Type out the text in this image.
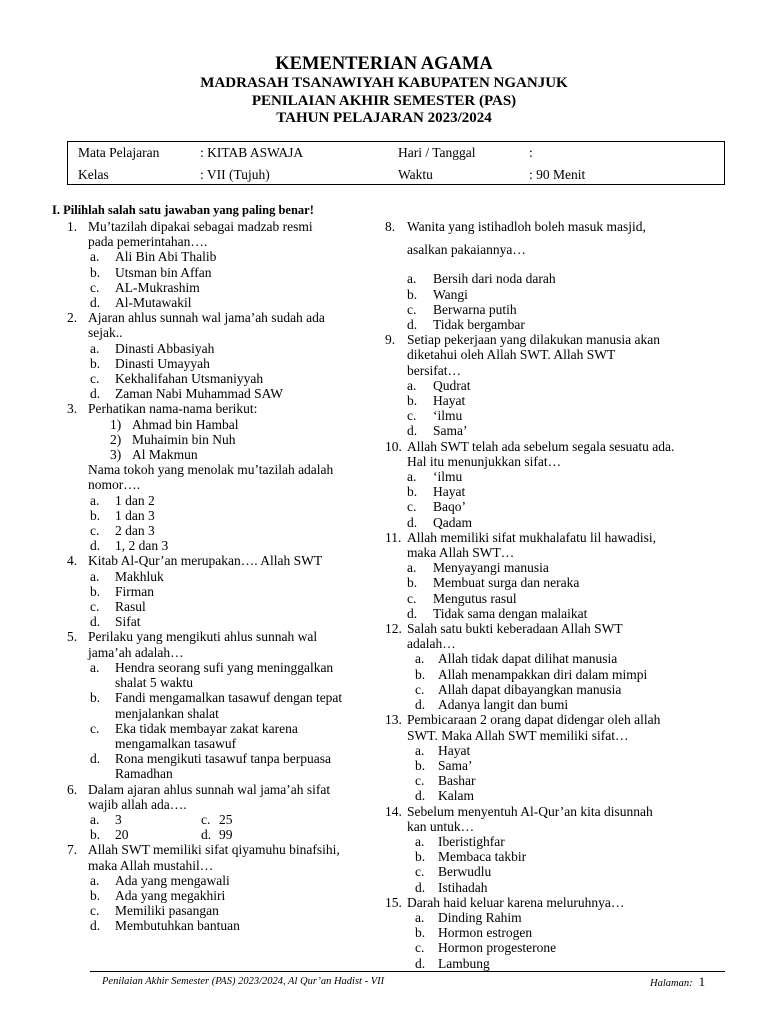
KEMENTERIAN AGAMA
MADRASAH TSANAWIYAH KABUPATEN NGANJUK
PENILAIAN AKHIR SEMESTER (PAS)
TAHUN PELAJARAN 2023/2024
Mata Pelajaran	: KITAB ASWAJA	Hari / Tanggal	:
Kelas	: VII (Tujuh)	Waktu	: 90 Menit
I. Pilihlah salah satu jawaban yang paling benar!
1. Mu’tazilah dipakai sebagai madzab resmi
pada pemerintahan….
a. Ali Bin Abi Thalib
b. Utsman bin Affan
c. AL-Mukrashim
d. Al-Mutawakil
2. Ajaran ahlus sunnah wal jama’ah sudah ada
sejak..
a. Dinasti Abbasiyah
b. Dinasti Umayyah
c. Kekhalifahan Utsmaniyyah
d. Zaman Nabi Muhammad SAW
3. Perhatikan nama-nama berikut:
1) Ahmad bin Hambal
2) Muhaimin bin Nuh
3) Al Makmun
Nama tokoh yang menolak mu’tazilah adalah
nomor….
a. 1 dan 2
b. 1 dan 3
c. 2 dan 3
d. 1, 2 dan 3
4. Kitab Al-Qur’an merupakan…. Allah SWT
a. Makhluk
b. Firman
c. Rasul
d. Sifat
5. Perilaku yang mengikuti ahlus sunnah wal
jama’ah adalah…
a. Hendra seorang sufi yang meninggalkan
shalat 5 waktu
b. Fandi mengamalkan tasawuf dengan tepat
menjalankan shalat
c. Eka tidak membayar zakat karena
mengamalkan tasawuf
d. Rona mengikuti tasawuf tanpa berpuasa
Ramadhan
6. Dalam ajaran ahlus sunnah wal jama’ah sifat
wajib allah ada….
a. 3	c. 25
b. 20	d. 99
7. Allah SWT memiliki sifat qiyamuhu binafsihi,
maka Allah mustahil…
a. Ada yang mengawali
b. Ada yang megakhiri
c. Memiliki pasangan
d. Membutuhkan bantuan
8. Wanita yang istihadloh boleh masuk masjid,
asalkan pakaiannya…
a. Bersih dari noda darah
b. Wangi
c. Berwarna putih
d. Tidak bergambar
9. Setiap pekerjaan yang dilakukan manusia akan
diketahui oleh Allah SWT. Allah SWT
bersifat…
a. Qudrat
b. Hayat
c. ‘ilmu
d. Sama’
10. Allah SWT telah ada sebelum segala sesuatu ada.
Hal itu menunjukkan sifat…
a. ‘ilmu
b. Hayat
c. Baqo’
d. Qadam
11. Allah memiliki sifat mukhalafatu lil hawadisi,
maka Allah SWT…
a. Menyayangi manusia
b. Membuat surga dan neraka
c. Mengutus rasul
d. Tidak sama dengan malaikat
12. Salah satu bukti keberadaan Allah SWT
adalah…
a. Allah tidak dapat dilihat manusia
b. Allah menampakkan diri dalam mimpi
c. Allah dapat dibayangkan manusia
d. Adanya langit dan bumi
13. Pembicaraan 2 orang dapat didengar oleh allah
SWT. Maka Allah SWT memiliki sifat…
a. Hayat
b. Sama’
c. Bashar
d. Kalam
14. Sebelum menyentuh Al-Qur’an kita disunnah
kan untuk…
a. Iberistighfar
b. Membaca takbir
c. Berwudlu
d. Istihadah
15. Darah haid keluar karena meluruhnya…
a. Dinding Rahim
b. Hormon estrogen
c. Hormon progesterone
d. Lambung
Penilaian Akhir Semester (PAS) 2023/2024, Al Qur’an Hadist - VII	Halaman: 1
